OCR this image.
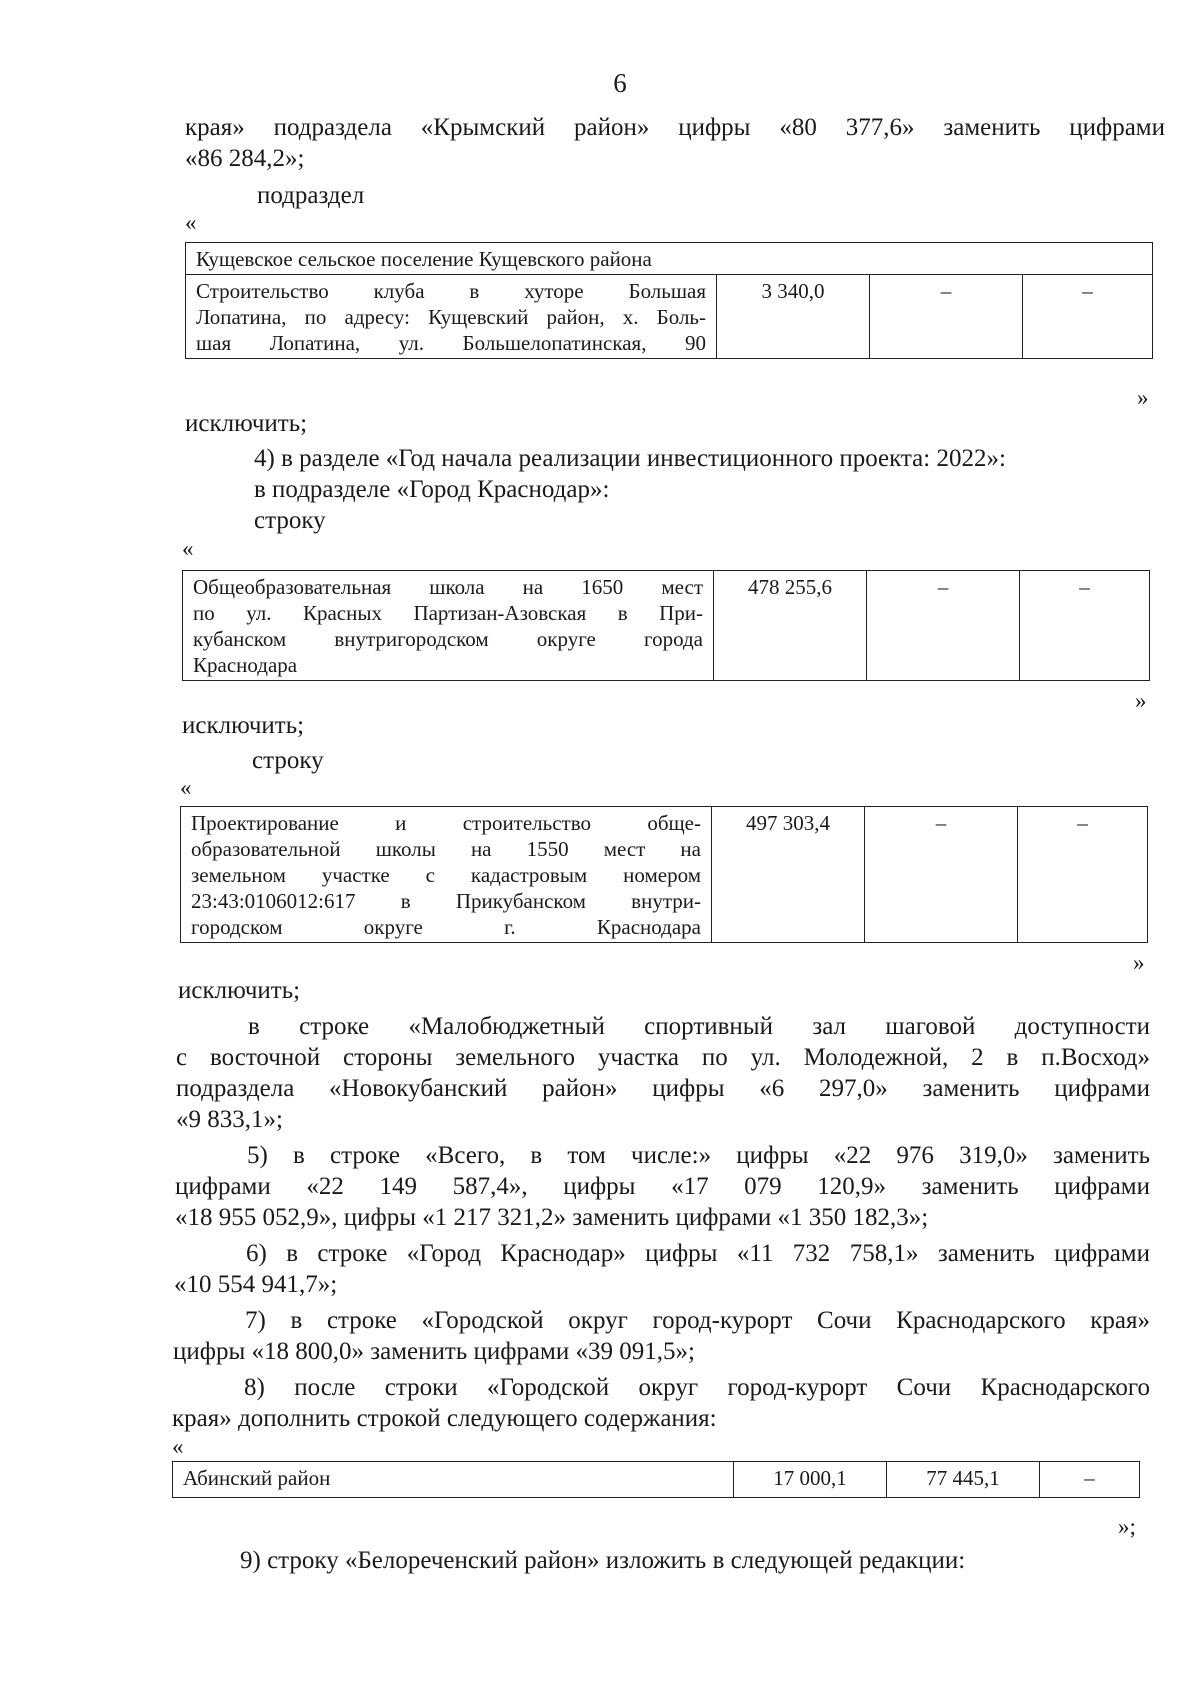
6
края» подраздела «Крымский район» цифры «80 377,6» заменить цифрами
«86 284,2»;
подраздел
«
Кущевское сельское поселение Кущевского района

Строительство клуба в хуторе Большая
Лопатина, по адресу: Кущевский район, х. Боль-
шая Лопатина, ул. Большелопатинская, 90
	3 340,0	–	–
»
исключить;
4) в разделе «Год начала реализации инвестиционного проекта: 2022»:
в подразделе «Город Краснодар»:
строку
«
Общеобразовательная школа на 1650 мест
по ул. Красных Партизан-Азовская в При-
кубанском внутригородском округе города
Краснодара
	478 255,6	–	–
»
исключить;
строку
«
Проектирование и строительство обще-
образовательной школы на 1550 мест на
земельном участке с кадастровым номером
23:43:0106012:617 в Прикубанском внутри-
городском округе г. Краснодара
	497 303,4	–	–
»
исключить;
в строке «Малобюджетный спортивный зал шаговой доступности
с восточной стороны земельного участка по ул. Молодежной, 2 в п.Восход»
подраздела «Новокубанский район» цифры «6 297,0» заменить цифрами
«9 833,1»;
5) в строке «Всего, в том числе:» цифры «22 976 319,0» заменить
цифрами «22 149 587,4», цифры «17 079 120,9» заменить цифрами
«18 955 052,9», цифры «1 217 321,2» заменить цифрами «1 350 182,3»;
6) в строке «Город Краснодар» цифры «11 732 758,1» заменить цифрами
«10 554 941,7»;
7) в строке «Городской округ город-курорт Сочи Краснодарского края»
цифры «18 800,0» заменить цифрами «39 091,5»;
8) после строки «Городской округ город-курорт Сочи Краснодарского
края» дополнить строкой следующего содержания:
«
Абинский район	17 000,1	77 445,1	–
»;
9) строку «Белореченский район» изложить в следующей редакции:
